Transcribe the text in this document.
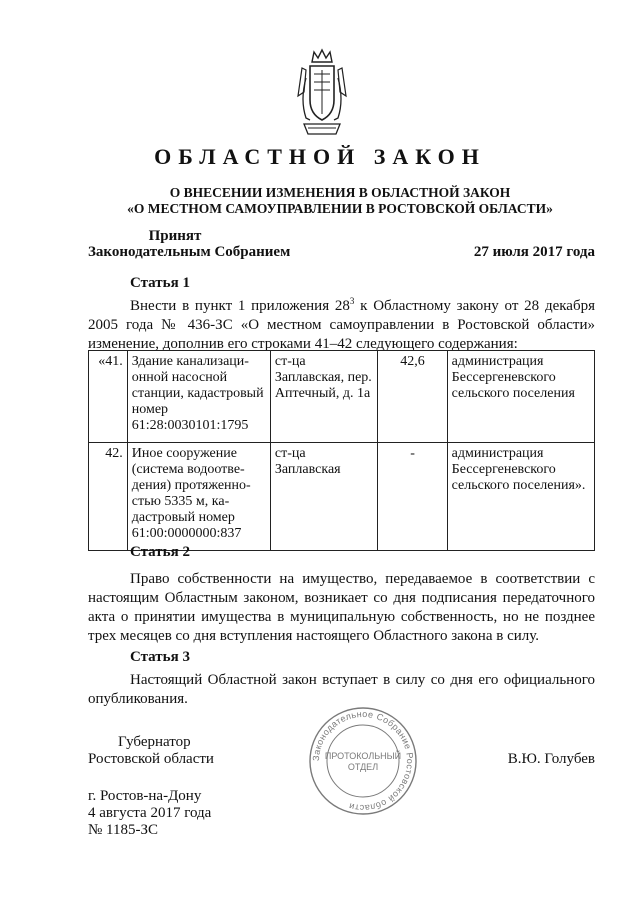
ОБЛАСТНОЙ ЗАКОН
О ВНЕСЕНИИ ИЗМЕНЕНИЯ В ОБЛАСТНОЙ ЗАКОН
«О МЕСТНОМ САМОУПРАВЛЕНИИ В РОСТОВСКОЙ ОБЛАСТИ»
Принят
Законодательным Собранием	27 июля 2017 года
Статья 1
Внести в пункт 1 приложения $28^3$ к Областному закону от 28 декабря 2005 года № 436-ЗС «О местном самоуправлении в Ростовской области» изменение, дополнив его строками 41–42 следующего содержания:
«41.	Здание канализационной насосной станции, кадастровый номер 61:28:0030101:1795	ст-ца Заплавская, пер. Аптечный, д. 1а	42,6	администрация Бессергеневского сельского поселения
42.	Иное сооружение (система водоотведения) протяженностью 5335 м, кадастровый номер 61:00:0000000:837	ст-ца Заплавская	-	администрация Бессергеневского сельского поселения».
Статья 2
Право собственности на имущество, передаваемое в соответствии с настоящим Областным законом, возникает со дня подписания передаточного акта о принятии имущества в муниципальную собственность, но не позднее трех месяцев со дня вступления настоящего Областного закона в силу.
Статья 3
Настоящий Областной закон вступает в силу со дня его официального опубликования.
Губернатор
Ростовской области	В.Ю. Голубев
г. Ростов-на-Дону
4 августа 2017 года
№ 1185-ЗС
Законодательное Собрание Ростовской области
ПРОТОКОЛЬНЫЙ
ОТДЕЛ
